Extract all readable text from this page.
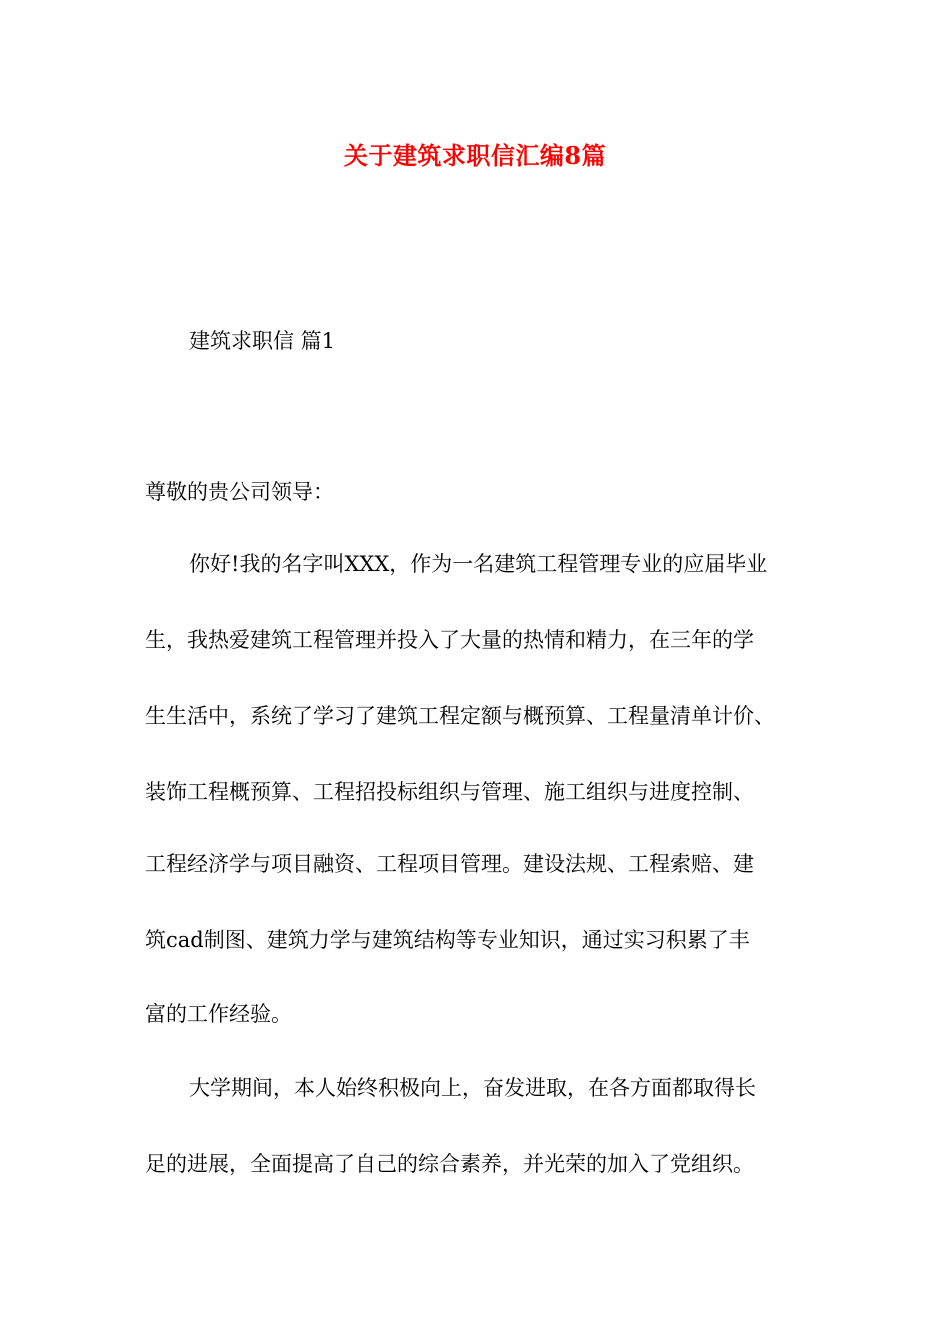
关于建筑求职信汇编8篇
建筑求职信 篇1
尊敬的贵公司领导：
你好!我的名字叫XXX，作为一名建筑工程管理专业的应届毕业
生，我热爱建筑工程管理并投入了大量的热情和精力，在三年的学
生生活中，系统了学习了建筑工程定额与概预算、工程量清单计价、
装饰工程概预算、工程招投标组织与管理、施工组织与进度控制、
工程经济学与项目融资、工程项目管理。建设法规、工程索赔、建
筑cad制图、建筑力学与建筑结构等专业知识，通过实习积累了丰
富的工作经验。
大学期间，本人始终积极向上，奋发进取，在各方面都取得长
足的进展，全面提高了自己的综合素养，并光荣的加入了党组织。
